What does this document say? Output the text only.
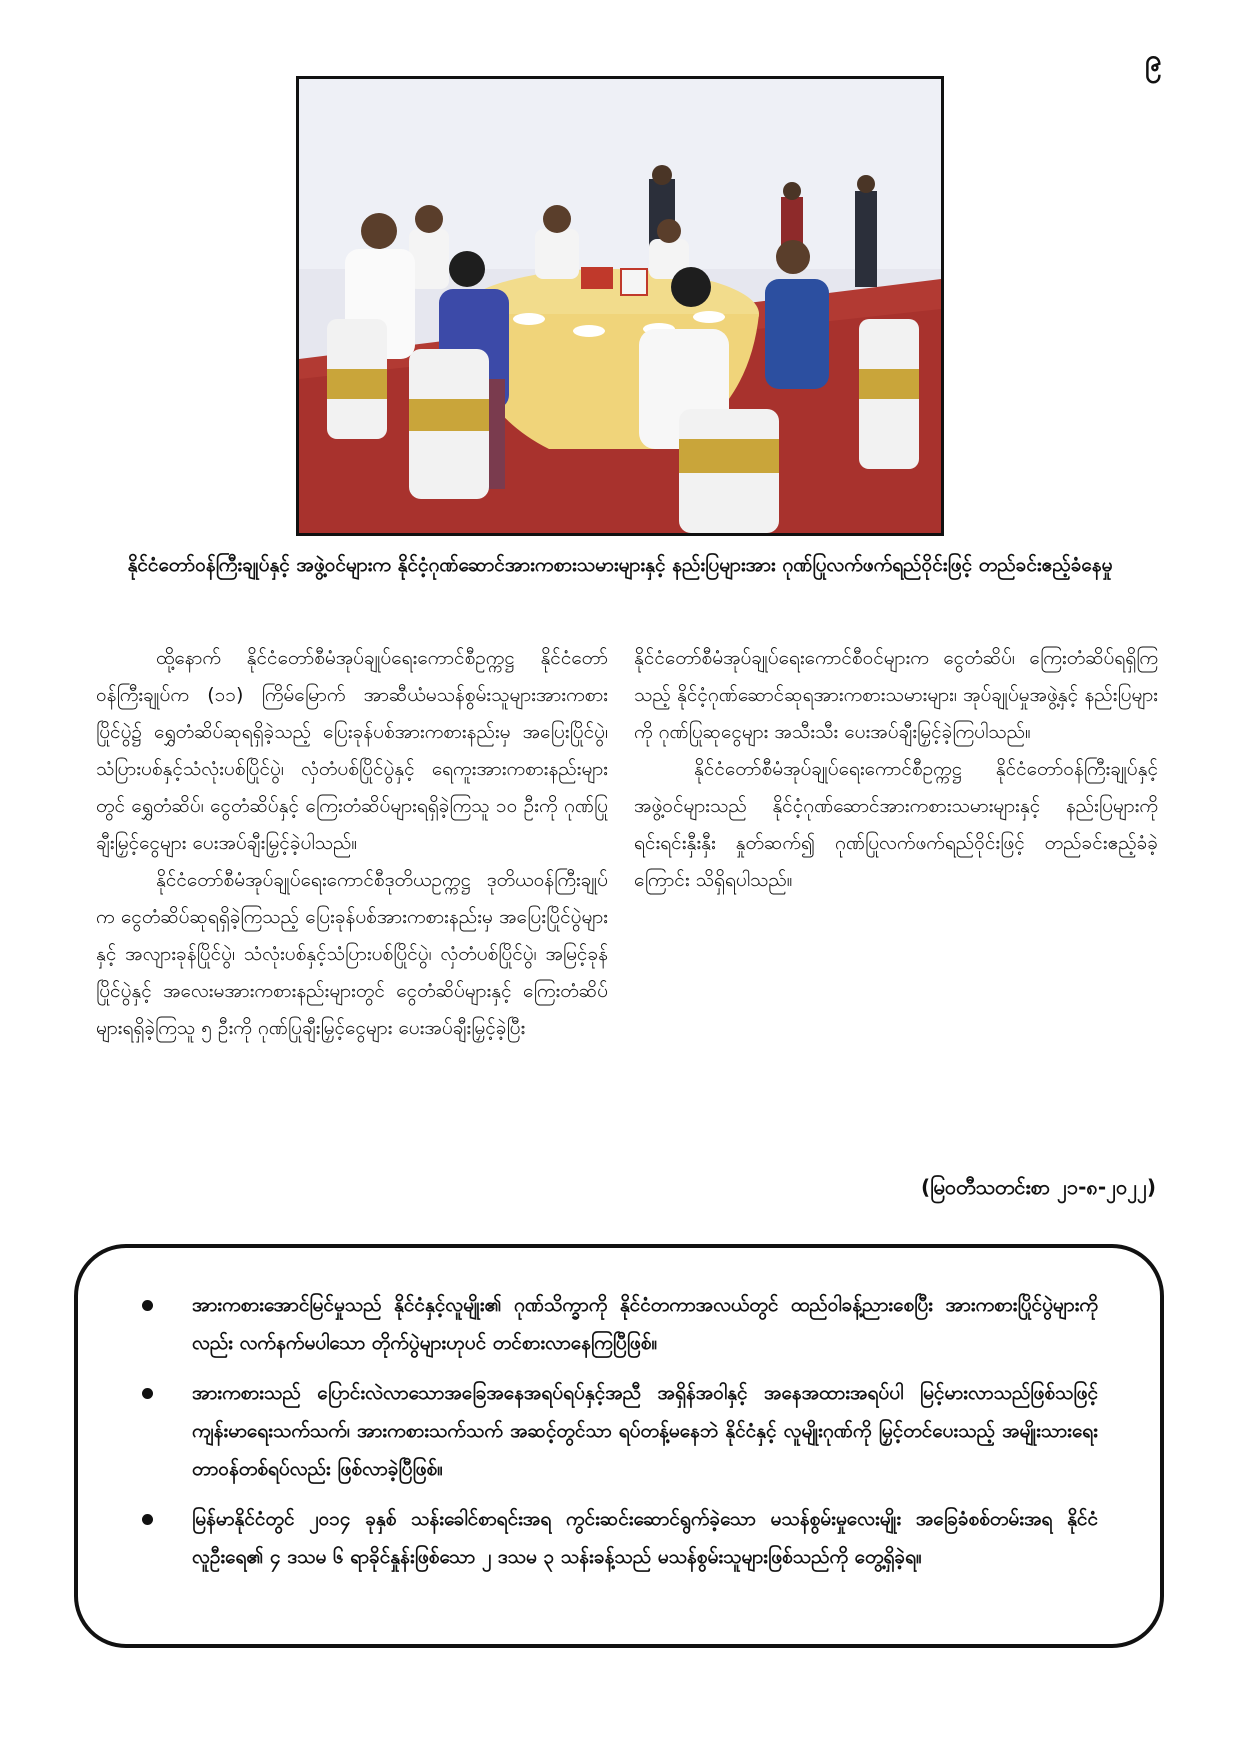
၉
နိုင်ငံတော်ဝန်ကြီးချုပ်နှင့် အဖွဲ့ဝင်များက နိုင်ငံ့ဂုဏ်ဆောင်အားကစားသမားများနှင့် နည်းပြများအား ဂုဏ်ပြုလက်ဖက်ရည်ဝိုင်းဖြင့် တည်ခင်းဧည့်ခံနေမှု

ထို့နောက် နိုင်ငံတော်စီမံအုပ်ချုပ်ရေးကောင်စီဥက္ကဋ္ဌ နိုင်ငံတော်ဝန်ကြီးချုပ်က (၁၁) ကြိမ်မြောက် အာဆီယံမသန်စွမ်းသူများအားကစားပြိုင်ပွဲ၌ ရွှေတံဆိပ်ဆုရရှိခဲ့သည့် ပြေးခုန်ပစ်အားကစားနည်းမှ အပြေးပြိုင်ပွဲ၊ သံပြားပစ်နှင့်သံလုံးပစ်ပြိုင်ပွဲ၊ လှံတံပစ်ပြိုင်ပွဲနှင့် ရေကူးအားကစားနည်းများတွင် ရွှေတံဆိပ်၊ ငွေတံဆိပ်နှင့် ကြေးတံဆိပ်များရရှိခဲ့ကြသူ ၁၀ ဦးကို ဂုဏ်ပြုချီးမြှင့်ငွေများ ပေးအပ်ချီးမြှင့်ခဲ့ပါသည်။

နိုင်ငံတော်စီမံအုပ်ချုပ်ရေးကောင်စီဒုတိယဥက္ကဋ္ဌ ဒုတိယဝန်ကြီးချုပ်က ငွေတံဆိပ်ဆုရရှိခဲ့ကြသည့် ပြေးခုန်ပစ်အားကစားနည်းမှ အပြေးပြိုင်ပွဲများနှင့် အလျားခုန်ပြိုင်ပွဲ၊ သံလုံးပစ်နှင့်သံပြားပစ်ပြိုင်ပွဲ၊ လှံတံပစ်ပြိုင်ပွဲ၊ အမြင့်ခုန်ပြိုင်ပွဲနှင့် အလေးမအားကစားနည်းများတွင် ငွေတံဆိပ်များနှင့် ကြေးတံဆိပ်များရရှိခဲ့ကြသူ ၅ ဦးကို ဂုဏ်ပြုချီးမြှင့်ငွေများ ပေးအပ်ချီးမြှင့်ခဲ့ပြီး

နိုင်ငံတော်စီမံအုပ်ချုပ်ရေးကောင်စီဝင်များက ငွေတံဆိပ်၊ ကြေးတံဆိပ်ရရှိကြသည့် နိုင်ငံ့ဂုဏ်ဆောင်ဆုရအားကစားသမားများ၊ အုပ်ချုပ်မှုအဖွဲ့နှင့် နည်းပြများကို ဂုဏ်ပြုဆုငွေများ အသီးသီး ပေးအပ်ချီးမြှင့်ခဲ့ကြပါသည်။

နိုင်ငံတော်စီမံအုပ်ချုပ်ရေးကောင်စီဥက္ကဋ္ဌ နိုင်ငံတော်ဝန်ကြီးချုပ်နှင့် အဖွဲ့ဝင်များသည် နိုင်ငံ့ဂုဏ်ဆောင်အားကစားသမားများနှင့် နည်းပြများကို ရင်းရင်းနှီးနှီး နှုတ်ဆက်၍ ဂုဏ်ပြုလက်ဖက်ရည်ဝိုင်းဖြင့် တည်ခင်းဧည့်ခံခဲ့ကြောင်း သိရှိရပါသည်။

(မြဝတီသတင်းစာ ၂၁-၈-၂၀၂၂)
အားကစားအောင်မြင်မှုသည် နိုင်ငံနှင့်လူမျိုး၏ ဂုဏ်သိက္ခာကို နိုင်ငံတကာအလယ်တွင် ထည်ဝါခန့်ညားစေပြီး အားကစားပြိုင်ပွဲများကိုလည်း လက်နက်မပါသော တိုက်ပွဲများဟုပင် တင်စားလာနေကြပြီဖြစ်။
အားကစားသည် ပြောင်းလဲလာသောအခြေအနေအရပ်ရပ်နှင့်အညီ အရှိန်အဝါနှင့် အနေအထားအရပ်ပါ မြင့်မားလာသည်ဖြစ်သဖြင့် ကျန်းမာရေးသက်သက်၊ အားကစားသက်သက် အဆင့်တွင်သာ ရပ်တန့်မနေဘဲ နိုင်ငံနှင့် လူမျိုးဂုဏ်ကို မြှင့်တင်ပေးသည့် အမျိုးသားရေးတာဝန်တစ်ရပ်လည်း ဖြစ်လာခဲ့ပြီဖြစ်။
မြန်မာနိုင်ငံတွင် ၂၀၁၄ ခုနှစ် သန်းခေါင်စာရင်းအရ ကွင်းဆင်းဆောင်ရွက်ခဲ့သော မသန်စွမ်းမှုလေးမျိုး အခြေခံစစ်တမ်းအရ နိုင်ငံလူဦးရေ၏ ၄ ဒသမ ၆ ရာခိုင်နှုန်းဖြစ်သော ၂ ဒသမ ၃ သန်းခန့်သည် မသန်စွမ်းသူများဖြစ်သည်ကို တွေ့ရှိခဲ့ရ။
